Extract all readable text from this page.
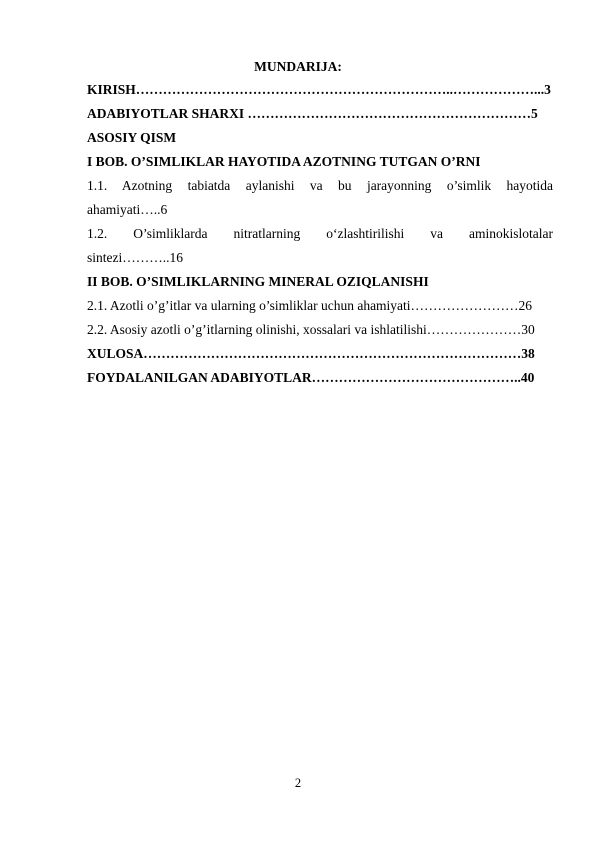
MUNDARIJA:
KIRISH……………………………………………………………..………………...3
ADABIYOTLAR SHARXI ………………………………………………………5
ASOSIY QISM
I BOB. O’SIMLIKLAR HAYOTIDA AZOTNING TUTGAN O’RNI
1.1. Azotning tabiatda aylanishi va bu jarayonning o’simlik hayotida
ahamiyati…..6
1.2. O’simliklarda nitratlarning o‘zlashtirilishi va aminokislotalar
sintezi………..16
II BOB. O’SIMLIKLARNING MINERAL OZIQLANISHI
2.1. Azotli o’g’itlar va ularning o’simliklar uchun ahamiyati……………………26
2.2. Asosiy azotli o’g’itlarning olinishi, xossalari va ishlatilishi…………………30
XULOSA…………………………………………………………………………38
FOYDALANILGAN ADABIYOTLAR………………………………………..40
2
